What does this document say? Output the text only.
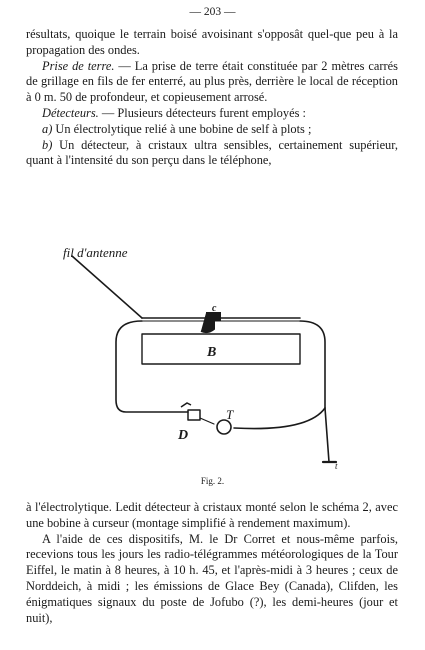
— 203 —

résultats, quoique le terrain boisé avoisinant s'opposât quel-que peu à la propagation des ondes.

Prise de terre. — La prise de terre était constituée par 2 mètres carrés de grillage en fils de fer enterré, au plus près, derrière le local de réception à 0 m. 50 de profondeur, et copieusement arrosé.

Détecteurs. — Plusieurs détecteurs furent employés :

a) Un électrolytique relié à une bobine de self à plots ;

b) Un détecteur, à cristaux ultra sensibles, certainement supérieur, quant à l'intensité du son perçu dans le téléphone,

fil d'antenne
c
B
D
T
t
Fig. 2.

à l'électrolytique. Ledit détecteur à cristaux monté selon le schéma 2, avec une bobine à curseur (montage simplifié à rendement maximum).

A l'aide de ces dispositifs, M. le Dr Corret et nous-même parfois, recevions tous les jours les radio-télégrammes météorologiques de la Tour Eiffel, le matin à 8 heures, à 10 h. 45, et l'après-midi à 3 heures ; ceux de Norddeich, à midi ; les émissions de Glace Bey (Canada), Clifden, les énigmatiques signaux du poste de Jofubo (?), les demi-heures (jour et nuit),
